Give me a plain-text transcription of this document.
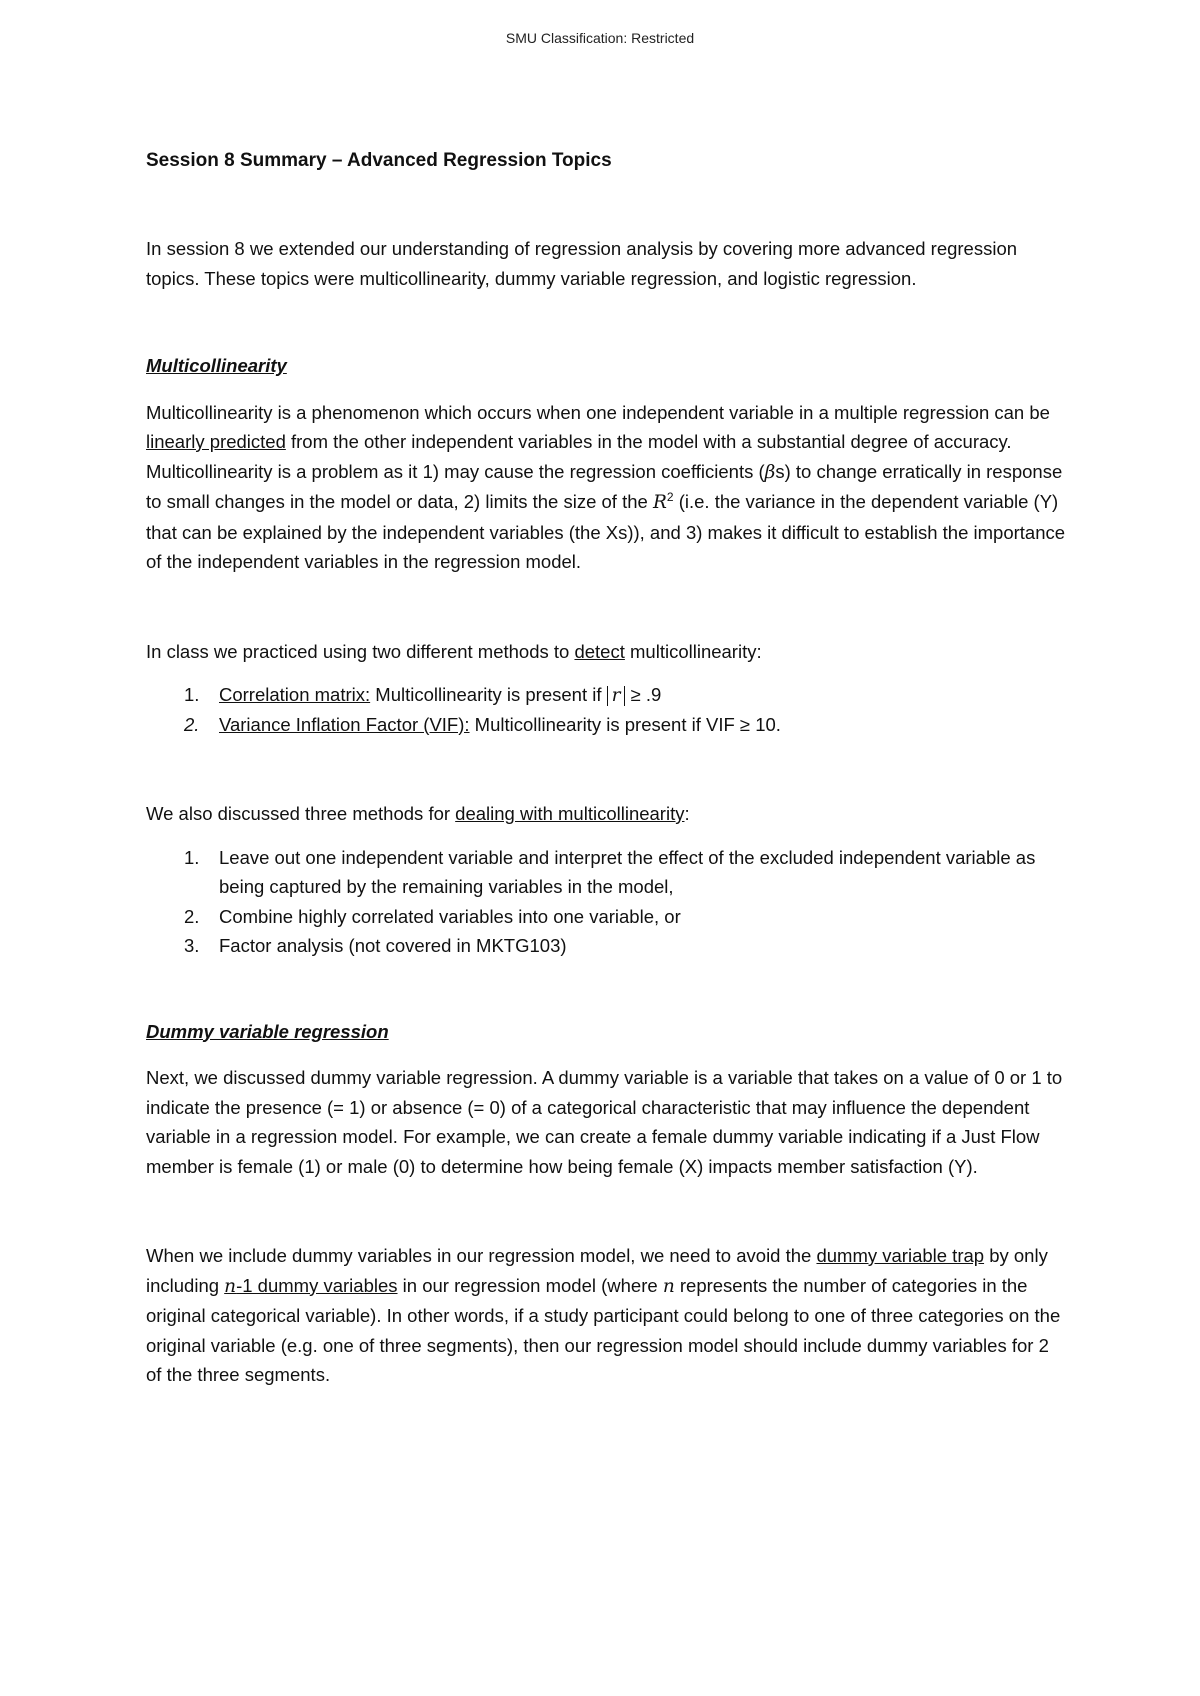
SMU Classification: Restricted

Session 8 Summary – Advanced Regression Topics

In session 8 we extended our understanding of regression analysis by covering more advanced regression topics. These topics were multicollinearity, dummy variable regression, and logistic regression.

Multicollinearity

Multicollinearity is a phenomenon which occurs when one independent variable in a multiple regression can be linearly predicted from the other independent variables in the model with a substantial degree of accuracy. Multicollinearity is a problem as it 1) may cause the regression coefficients (βs) to change erratically in response to small changes in the model or data, 2) limits the size of the $R^2$ (i.e. the variance in the dependent variable (Y) that can be explained by the independent variables (the Xs)), and 3) makes it difficult to establish the importance of the independent variables in the regression model.

In class we practiced using two different methods to detect multicollinearity:

1. Correlation matrix: Multicollinearity is present if r ≥ .9
2. Variance Inflation Factor (VIF): Multicollinearity is present if VIF ≥ 10.

We also discussed three methods for dealing with multicollinearity:

1. Leave out one independent variable and interpret the effect of the excluded independent variable as being captured by the remaining variables in the model,
2. Combine highly correlated variables into one variable, or
3. Factor analysis (not covered in MKTG103)

Dummy variable regression

Next, we discussed dummy variable regression. A dummy variable is a variable that takes on a value of 0 or 1 to indicate the presence (= 1) or absence (= 0) of a categorical characteristic that may influence the dependent variable in a regression model. For example, we can create a female dummy variable indicating if a Just Flow member is female (1) or male (0) to determine how being female (X) impacts member satisfaction (Y).

When we include dummy variables in our regression model, we need to avoid the dummy variable trap by only including n-1 dummy variables in our regression model (where n represents the number of categories in the original categorical variable). In other words, if a study participant could belong to one of three categories on the original variable (e.g. one of three segments), then our regression model should include dummy variables for 2 of the three segments.
